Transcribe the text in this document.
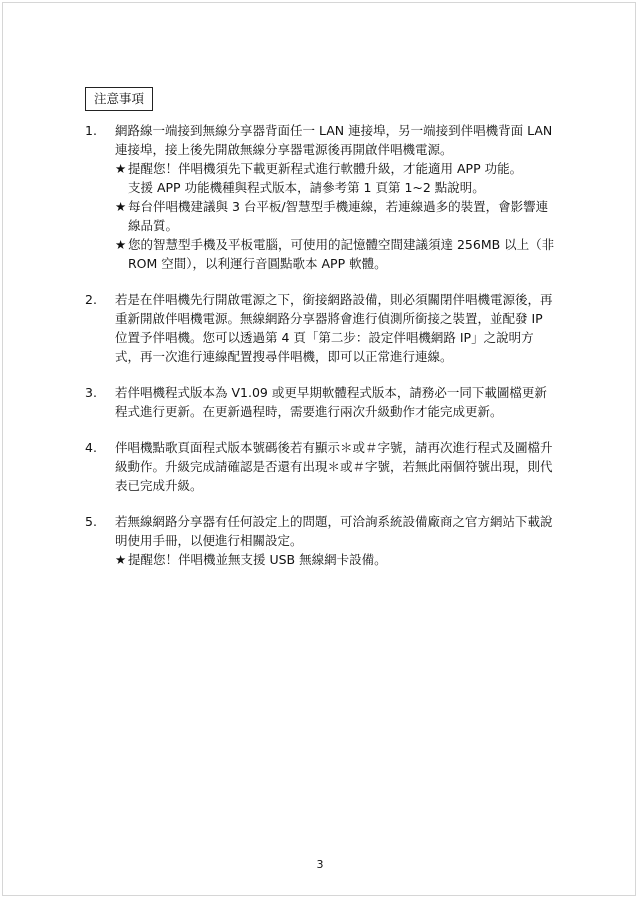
注意事項
1.	網路線一端接到無線分享器背面任一 LAN 連接埠，另一端接到伴唱機背面 LAN 連接埠，接上後先開啟無線分享器電源後再開啟伴唱機電源。
★ 提醒您！伴唱機須先下載更新程式進行軟體升級，才能適用 APP 功能。
支援 APP 功能機種與程式版本，請參考第 1 頁第 1~2 點說明。
★ 每台伴唱機建議與 3 台平板/智慧型手機連線，若連線過多的裝置，會影響連線品質。
★ 您的智慧型手機及平板電腦，可使用的記憶體空間建議須達 256MB 以上（非ROM 空間），以利運行音圓點歌本 APP 軟體。
2.	若是在伴唱機先行開啟電源之下，銜接網路設備，則必須關閉伴唱機電源後，再重新開啟伴唱機電源。無線網路分享器將會進行偵測所銜接之裝置，並配發 IP 位置予伴唱機。您可以透過第 4 頁「第二步：設定伴唱機網路 IP」之說明方式，再一次進行連線配置搜尋伴唱機，即可以正常進行連線。
3.	若伴唱機程式版本為 V1.09 或更早期軟體程式版本，請務必一同下載圖檔更新程式進行更新。在更新過程時，需要進行兩次升級動作才能完成更新。
4.	伴唱機點歌頁面程式版本號碼後若有顯示＊或＃字號，請再次進行程式及圖檔升級動作。升級完成請確認是否還有出現＊或＃字號，若無此兩個符號出現，則代表已完成升級。
5.	若無線網路分享器有任何設定上的問題，可洽詢系統設備廠商之官方網站下載說明使用手冊，以便進行相關設定。
★ 提醒您！伴唱機並無支援 USB 無線網卡設備。
3
